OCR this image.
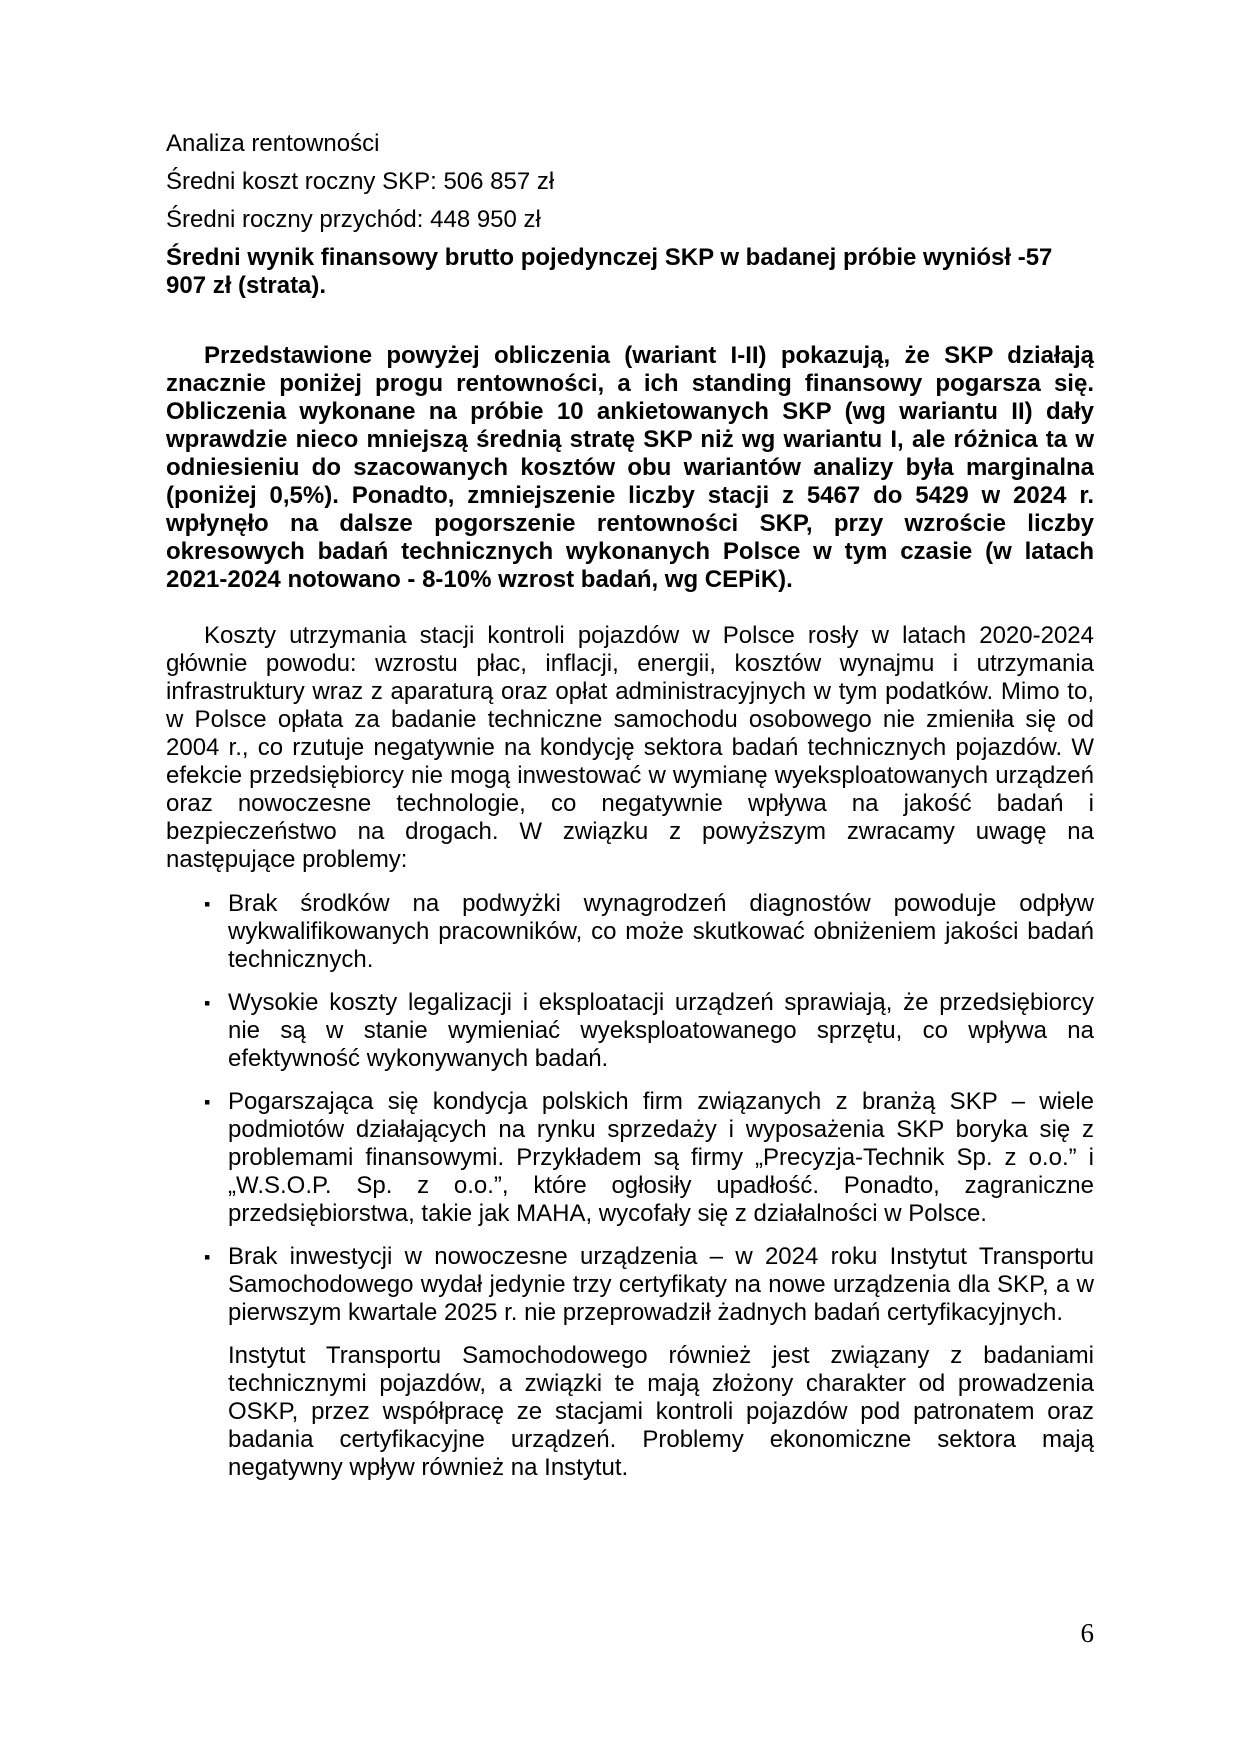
Analiza rentowności

Średni koszt roczny SKP: 506 857 zł

Średni roczny przychód: 448 950 zł

Średni wynik finansowy brutto pojedynczej SKP w badanej próbie wyniósł -57 907 zł (strata).

Przedstawione powyżej obliczenia (wariant I-II) pokazują, że SKP działają znacznie poniżej progu rentowności, a ich standing finansowy pogarsza się. Obliczenia wykonane na próbie 10 ankietowanych SKP (wg wariantu II) dały wprawdzie nieco mniejszą średnią stratę SKP niż wg wariantu I, ale różnica ta w odniesieniu do szacowanych kosztów obu wariantów analizy była marginalna (poniżej 0,5%). Ponadto, zmniejszenie liczby stacji z 5467 do 5429 w 2024 r. wpłynęło na dalsze pogorszenie rentowności SKP, przy wzroście liczby okresowych badań technicznych wykonanych Polsce w tym czasie (w latach 2021-2024 notowano - 8-10% wzrost badań, wg CEPiK).

Koszty utrzymania stacji kontroli pojazdów w Polsce rosły w latach 2020-2024 głównie powodu: wzrostu płac, inflacji, energii, kosztów wynajmu i utrzymania infrastruktury wraz z aparaturą oraz opłat administracyjnych w tym podatków. Mimo to, w Polsce opłata za badanie techniczne samochodu osobowego nie zmieniła się od 2004 r., co rzutuje negatywnie na kondycję sektora badań technicznych pojazdów. W efekcie przedsiębiorcy nie mogą inwestować w wymianę wyeksploatowanych urządzeń oraz nowoczesne technologie, co negatywnie wpływa na jakość badań i bezpieczeństwo na drogach. W związku z powyższym zwracamy uwagę na następujące problemy:

▪ Brak środków na podwyżki wynagrodzeń diagnostów powoduje odpływ wykwalifikowanych pracowników, co może skutkować obniżeniem jakości badań technicznych.
▪ Wysokie koszty legalizacji i eksploatacji urządzeń sprawiają, że przedsiębiorcy nie są w stanie wymieniać wyeksploatowanego sprzętu, co wpływa na efektywność wykonywanych badań.
▪ Pogarszająca się kondycja polskich firm związanych z branżą SKP – wiele podmiotów działających na rynku sprzedaży i wyposażenia SKP boryka się z problemami finansowymi. Przykładem są firmy „Precyzja-Technik Sp. z o.o.” i „W.S.O.P. Sp. z o.o.”, które ogłosiły upadłość. Ponadto, zagraniczne przedsiębiorstwa, takie jak MAHA, wycofały się z działalności w Polsce.
▪ Brak inwestycji w nowoczesne urządzenia – w 2024 roku Instytut Transportu Samochodowego wydał jedynie trzy certyfikaty na nowe urządzenia dla SKP, a w pierwszym kwartale 2025 r. nie przeprowadził żadnych badań certyfikacyjnych.

Instytut Transportu Samochodowego również jest związany z badaniami technicznymi pojazdów, a związki te mają złożony charakter od prowadzenia OSKP, przez współpracę ze stacjami kontroli pojazdów pod patronatem oraz badania certyfikacyjne urządzeń. Problemy ekonomiczne sektora mają negatywny wpływ również na Instytut.

6
